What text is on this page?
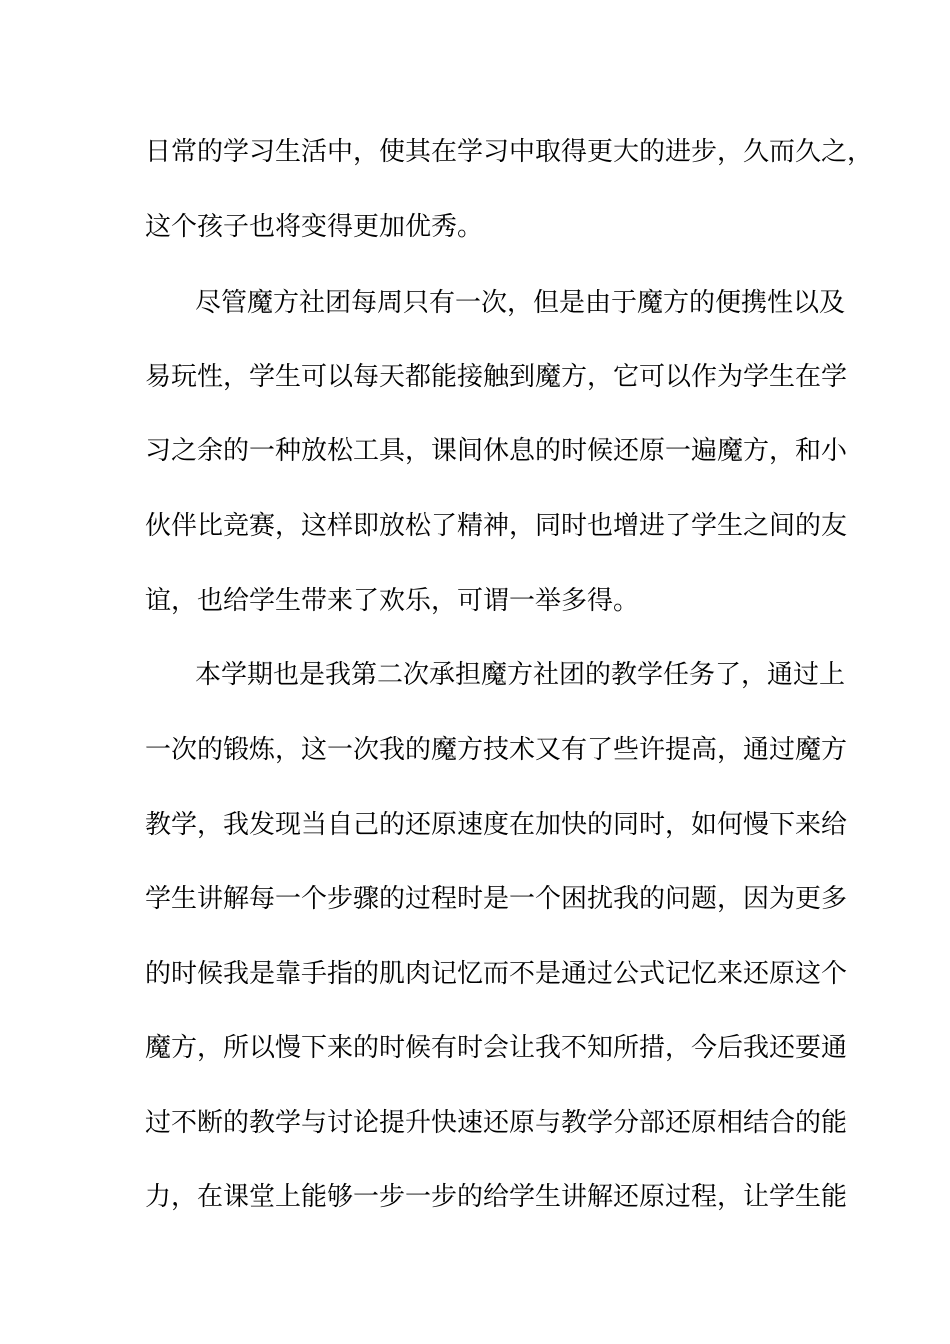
日常的学习生活中，使其在学习中取得更大的进步，久而久之，
这个孩子也将变得更加优秀。
尽管魔方社团每周只有一次，但是由于魔方的便携性以及
易玩性，学生可以每天都能接触到魔方，它可以作为学生在学
习之余的一种放松工具，课间休息的时候还原一遍魔方，和小
伙伴比竞赛，这样即放松了精神，同时也增进了学生之间的友
谊，也给学生带来了欢乐，可谓一举多得。
本学期也是我第二次承担魔方社团的教学任务了，通过上
一次的锻炼，这一次我的魔方技术又有了些许提高，通过魔方
教学，我发现当自己的还原速度在加快的同时，如何慢下来给
学生讲解每一个步骤的过程时是一个困扰我的问题，因为更多
的时候我是靠手指的肌肉记忆而不是通过公式记忆来还原这个
魔方，所以慢下来的时候有时会让我不知所措，今后我还要通
过不断的教学与讨论提升快速还原与教学分部还原相结合的能
力，在课堂上能够一步一步的给学生讲解还原过程，让学生能
